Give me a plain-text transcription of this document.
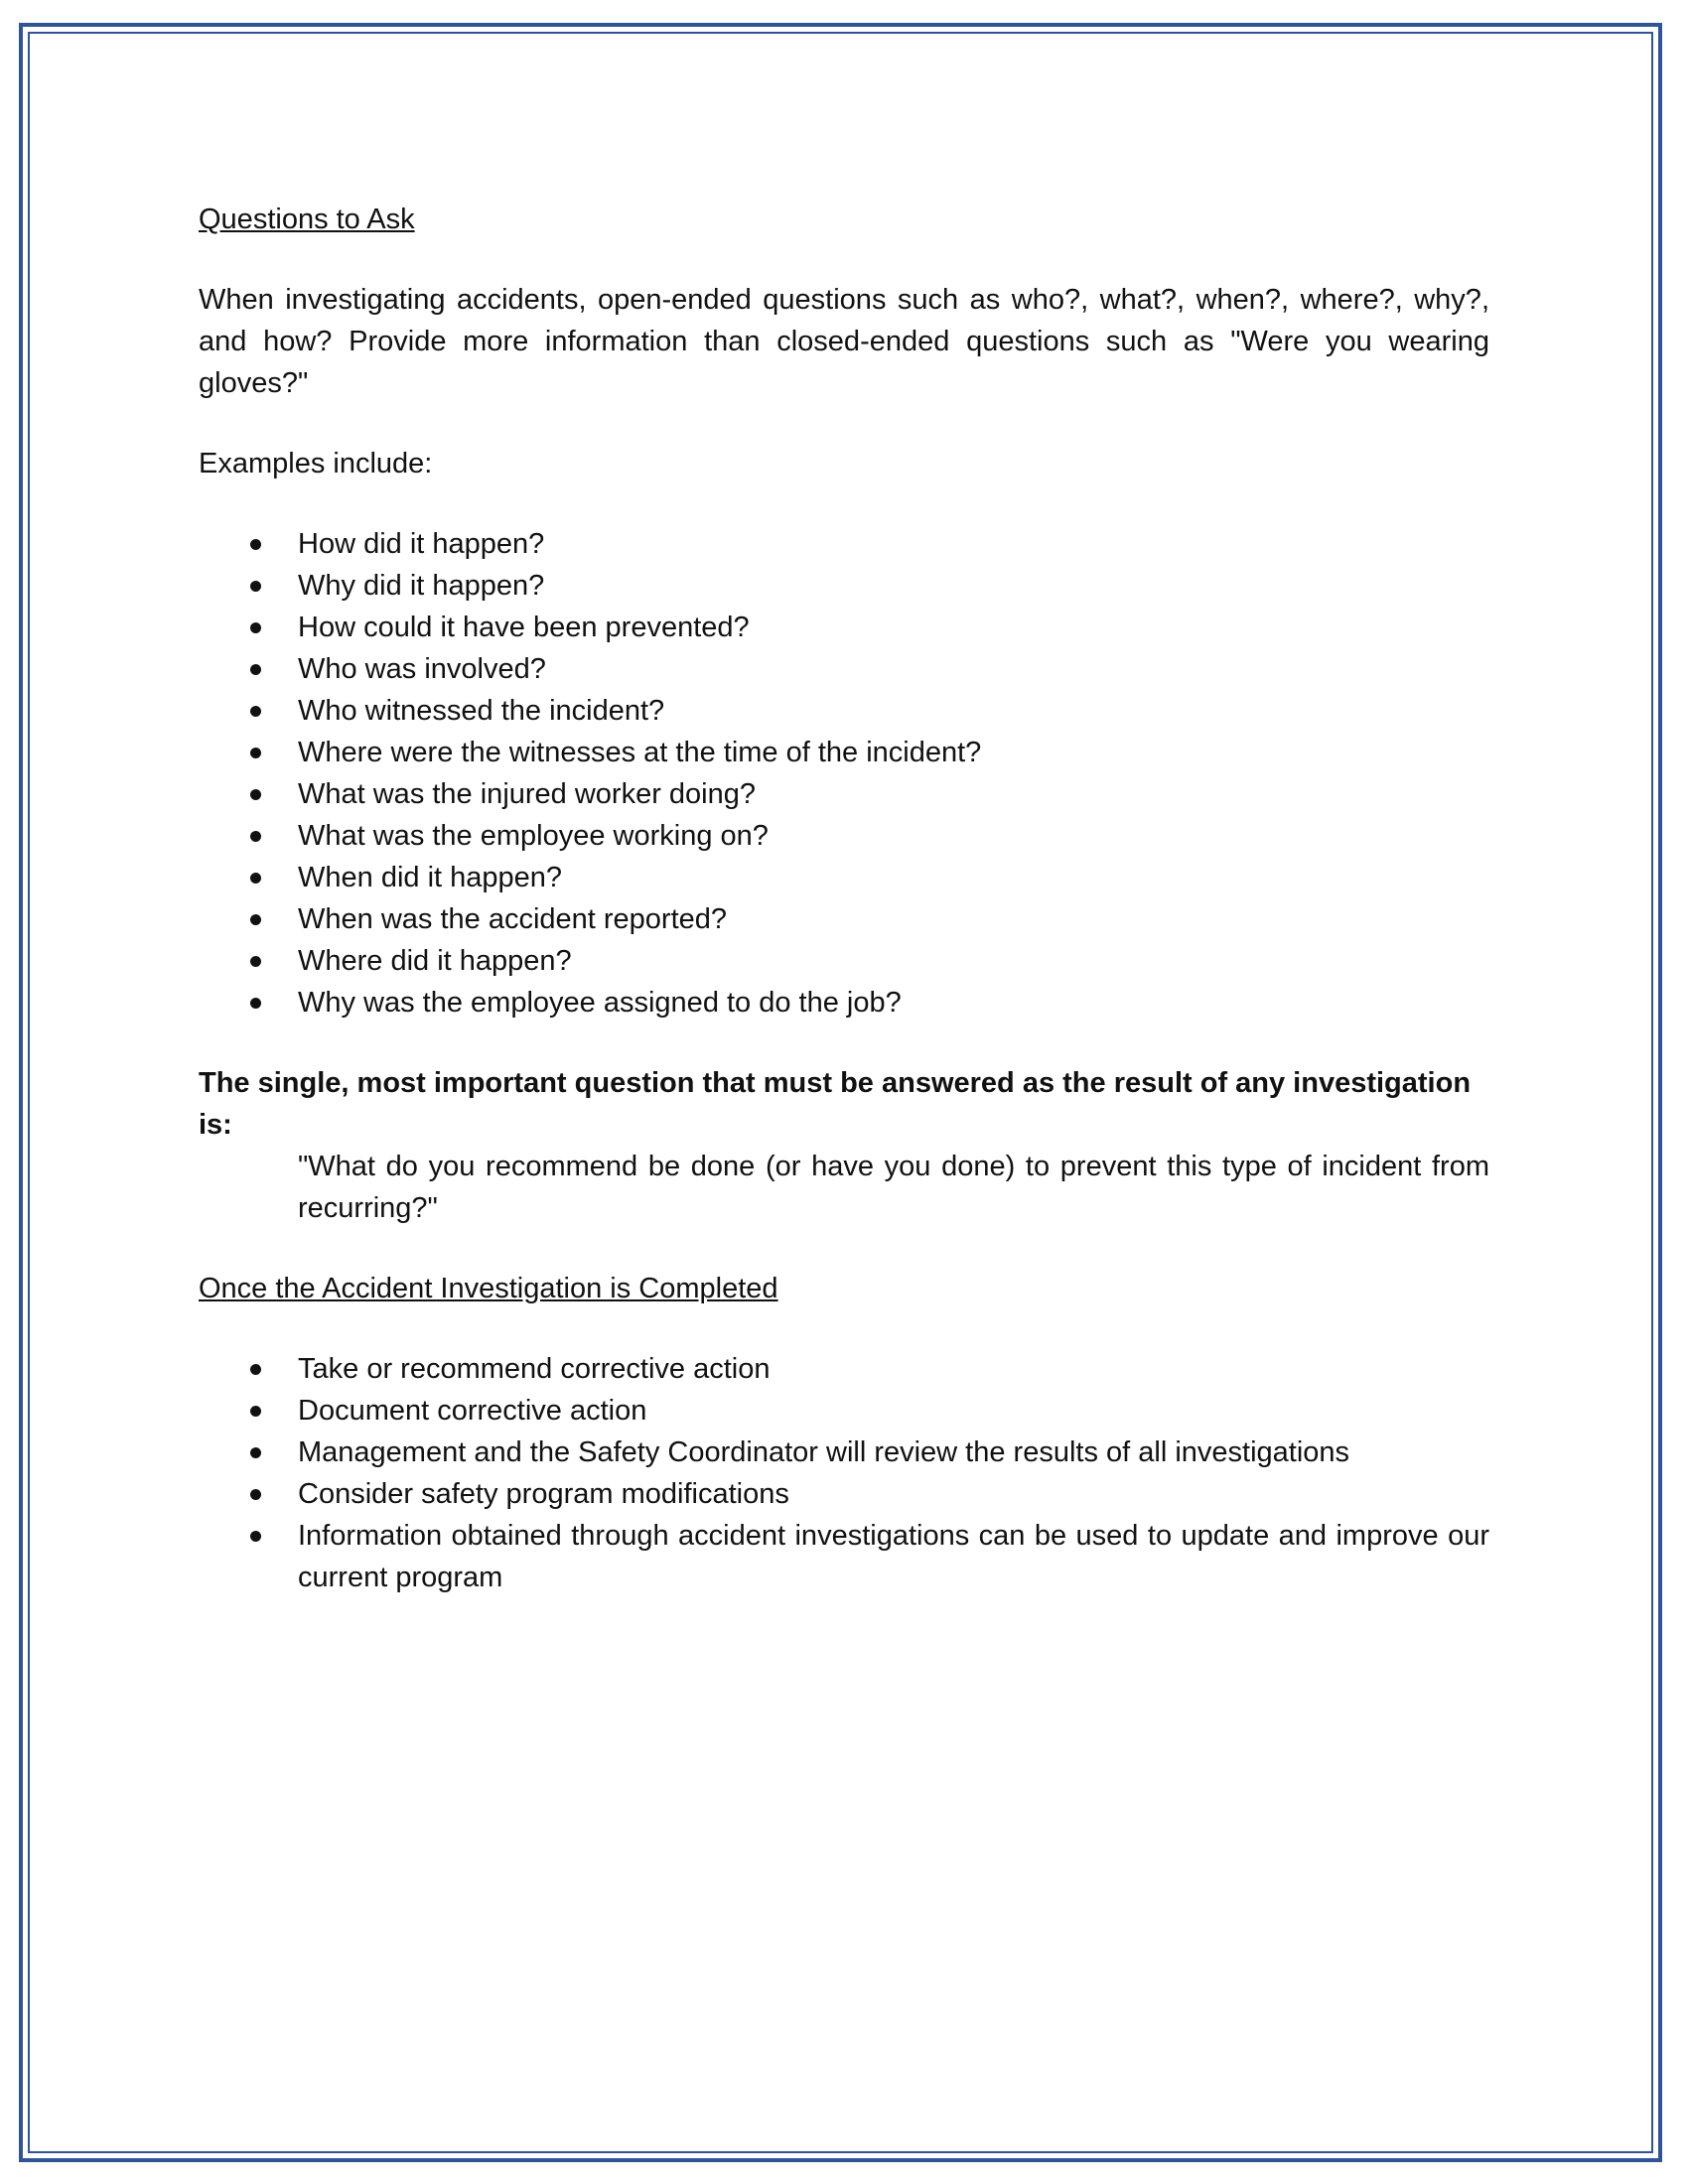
Questions to Ask

When investigating accidents, open-ended questions such as who?, what?, when?, where?, why?, and how? Provide more information than closed-ended questions such as "Were you wearing gloves?"

Examples include:

How did it happen?
Why did it happen?
How could it have been prevented?
Who was involved?
Who witnessed the incident?
Where were the witnesses at the time of the incident?
What was the injured worker doing?
What was the employee working on?
When did it happen?
When was the accident reported?
Where did it happen?
Why was the employee assigned to do the job?

The single, most important question that must be answered as the result of any investigation is:

"What do you recommend be done (or have you done) to prevent this type of incident from recurring?"

Once the Accident Investigation is Completed
Take or recommend corrective action
Document corrective action
Management and the Safety Coordinator will review the results of all investigations
Consider safety program modifications
Information obtained through accident investigations can be used to update and improve our current program
